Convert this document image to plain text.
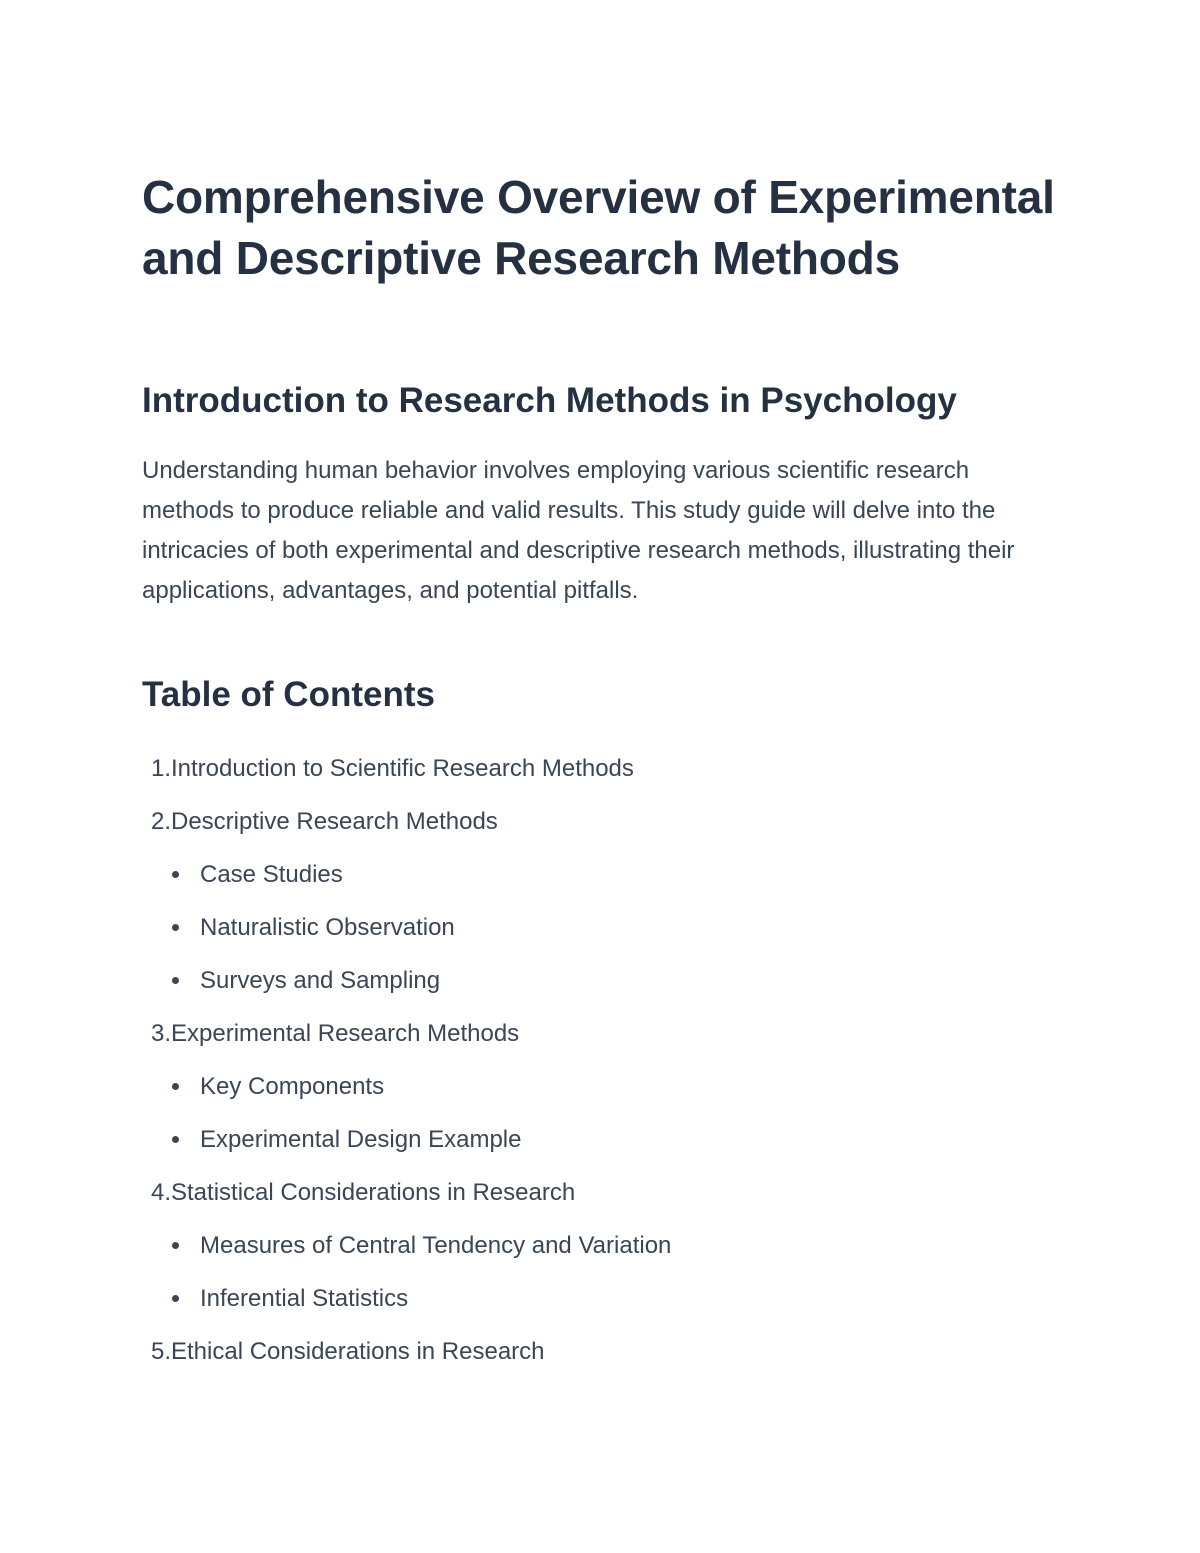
Comprehensive Overview of Experimental and Descriptive Research Methods
Introduction to Research Methods in Psychology

Understanding human behavior involves employing various scientific research methods to produce reliable and valid results. This study guide will delve into the intricacies of both experimental and descriptive research methods, illustrating their applications, advantages, and potential pitfalls.

Table of Contents
1. Introduction to Scientific Research Methods
2. Descriptive Research Methods
Case Studies
Naturalistic Observation
Surveys and Sampling
3. Experimental Research Methods
Key Components
Experimental Design Example
4. Statistical Considerations in Research
Measures of Central Tendency and Variation
Inferential Statistics
5. Ethical Considerations in Research
